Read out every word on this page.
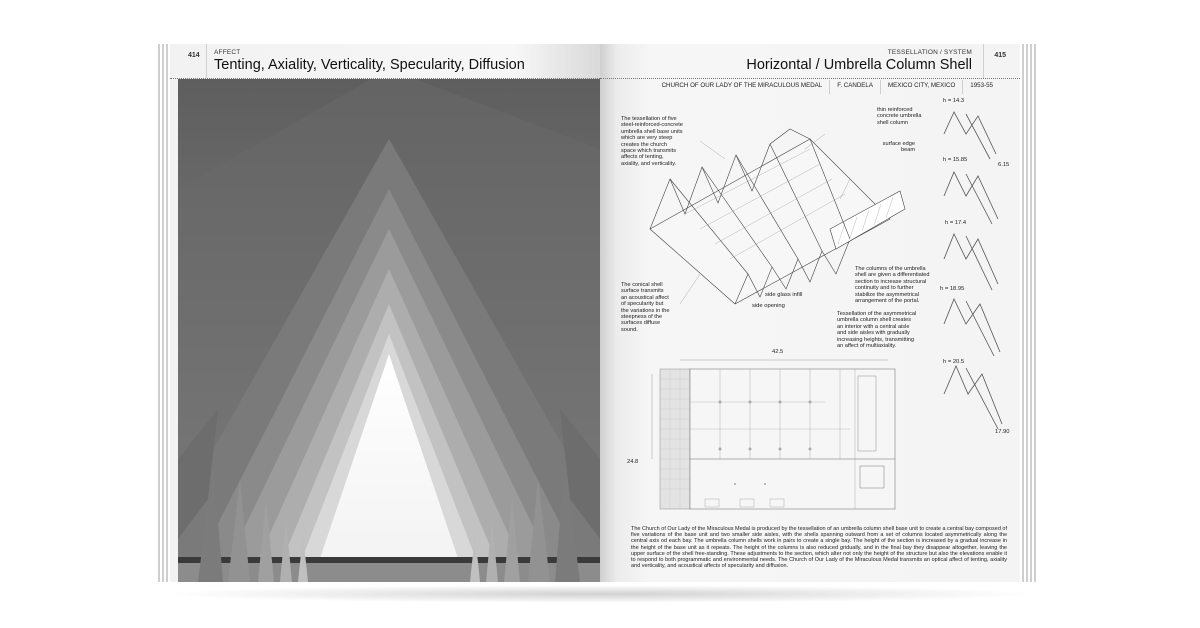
414 AFFECT
Tenting, Axiality, Verticality, Specularity, Diffusion
TESSELLATION / SYSTEM
Horizontal / Umbrella Column Shell
415
CHURCH OF OUR LADY OF THE MIRACULOUS MEDAL	F. CANDELA	MEXICO CITY, MEXICO	1953-55
The tessellation of five steel-reinforced-concrete umbrella shell base units which are very steep creates the church space which transmits affects of tenting, axiality, and verticality.
thin reinforced concrete umbrella shell column
surface edge beam
The conical shell surface transmits an acoustical affect of specularity but the variations in the steepness of the surfaces diffuse sound.
side glass infill
side opening
The columns of the umbrella shell are given a differentiated section to increase structural continuity and to further stabilize the asymmetrical arrangement of the portal.
Tessellation of the asymmetrical umbrella column shell creates an interior with a central aisle and side aisles with gradually increasing heights, transmitting an affect of multiaxiality.
h = 14.3
h = 15.85
h = 17.4
h = 18.95
h = 20.5
6.15
17.90
42.5
24.8
The Church of Our Lady of the Miraculous Medal is produced by the tessellation of an umbrella column shell base unit to create a central bay composed of five variations of the base unit and two smaller side aisles, with the shells spanning outward from a set of columns located asymmetrically along the central axis od each bay. The umbrella column shells work in pairs to create a single bay. The height of the section is increased by a gradual increase in the height of the base unit as it repeats. The height of the columns is also reduced gridually, and in the final bay they disappear altogether, leaving the upper surface of the shell free-standing. These adjustments to the section, which alter not only the height of the structure but also the elevations enable it to respond to both programmatic and environmental needs. The Church of Our Lady of the Miraculous Medal transmits an optical affect of tenting, axiality and verticality, and acoustical affects of specularity and diffusion.
